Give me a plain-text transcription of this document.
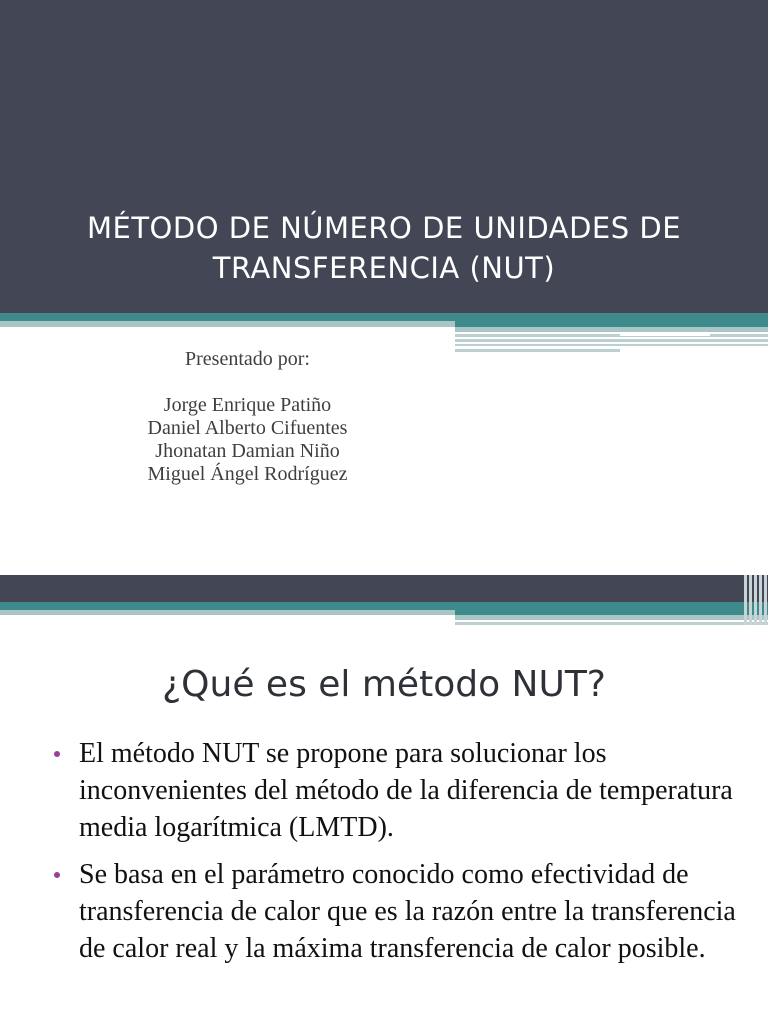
MÉTODO DE NÚMERO DE UNIDADES DE TRANSFERENCIA (NUT)
Presentado por:
Jorge Enrique Patiño
Daniel Alberto Cifuentes
Jhonatan Damian Niño
Miguel Ángel Rodríguez
¿Qué es el método NUT?
El método NUT se propone para solucionar los inconvenientes del método de la diferencia de temperatura media logarítmica (LMTD).
Se basa en el parámetro conocido como efectividad de transferencia de calor que es la razón entre la transferencia de calor real y la máxima transferencia de calor posible.
